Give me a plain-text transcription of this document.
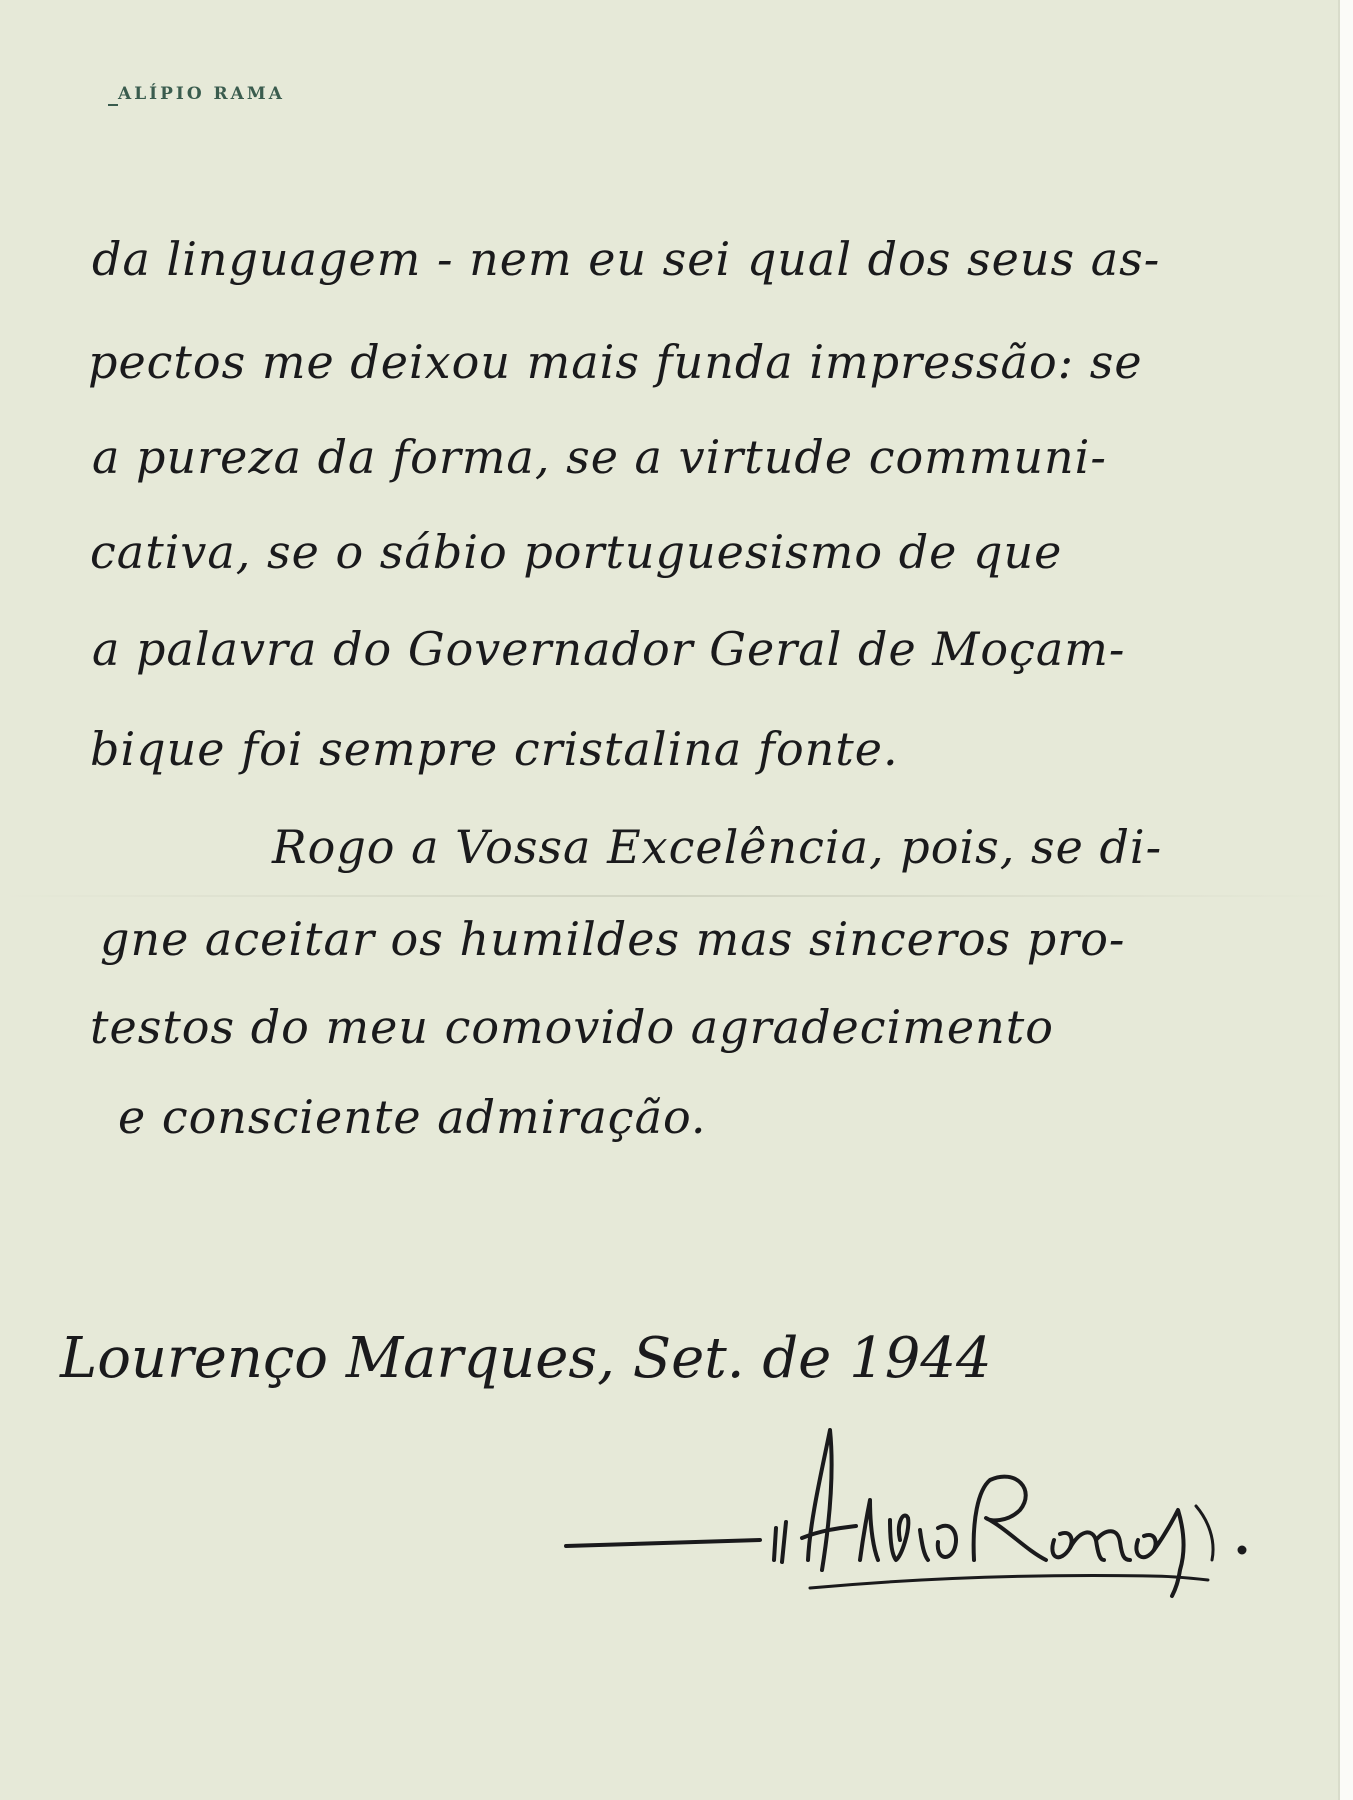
ALÍPIO RAMA
da linguagem - nem eu sei qual dos seus as-
pectos me deixou mais funda impressão: se
a pureza da forma, se a virtude communi-
cativa, se o sábio portuguesismo de que
a palavra do Governador Geral de Moçam-
bique foi sempre cristalina fonte.
Rogo a Vossa Excelência, pois, se di-
gne aceitar os humildes mas sinceros pro-
testos do meu comovido agradecimento
e consciente admiração.
Lourenço Marques, Set. de 1944
